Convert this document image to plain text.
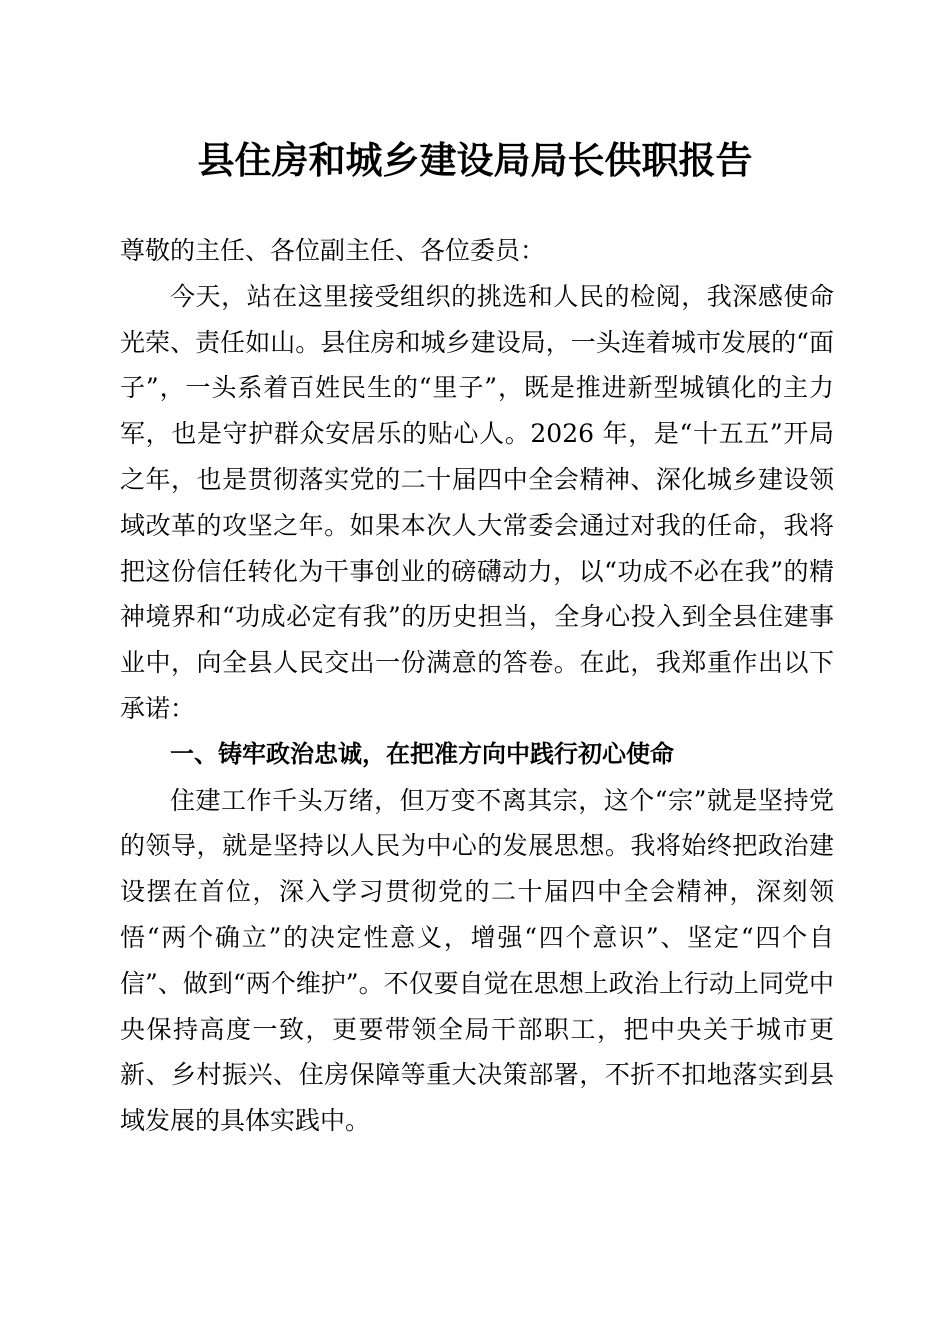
县住房和城乡建设局局长供职报告

尊敬的主任、各位副主任、各位委员：

今天，站在这里接受组织的挑选和人民的检阅，我深感使命光荣、责任如山。县住房和城乡建设局，一头连着城市发展的“面子”，一头系着百姓民生的“里子”，既是推进新型城镇化的主力军，也是守护群众安居乐的贴心人。2026 年，是“十五五”开局之年，也是贯彻落实党的二十届四中全会精神、深化城乡建设领域改革的攻坚之年。如果本次人大常委会通过对我的任命，我将把这份信任转化为干事创业的磅礴动力，以“功成不必在我”的精神境界和“功成必定有我”的历史担当，全身心投入到全县住建事业中，向全县人民交出一份满意的答卷。在此，我郑重作出以下承诺：

一、铸牢政治忠诚，在把准方向中践行初心使命

住建工作千头万绪，但万变不离其宗，这个“宗”就是坚持党的领导，就是坚持以人民为中心的发展思想。我将始终把政治建设摆在首位，深入学习贯彻党的二十届四中全会精神，深刻领悟“两个确立”的决定性意义，增强“四个意识”、坚定“四个自信”、做到“两个维护”。不仅要自觉在思想上政治上行动上同党中央保持高度一致，更要带领全局干部职工，把中央关于城市更新、乡村振兴、住房保障等重大决策部署，不折不扣地落实到县域发展的具体实践中。
